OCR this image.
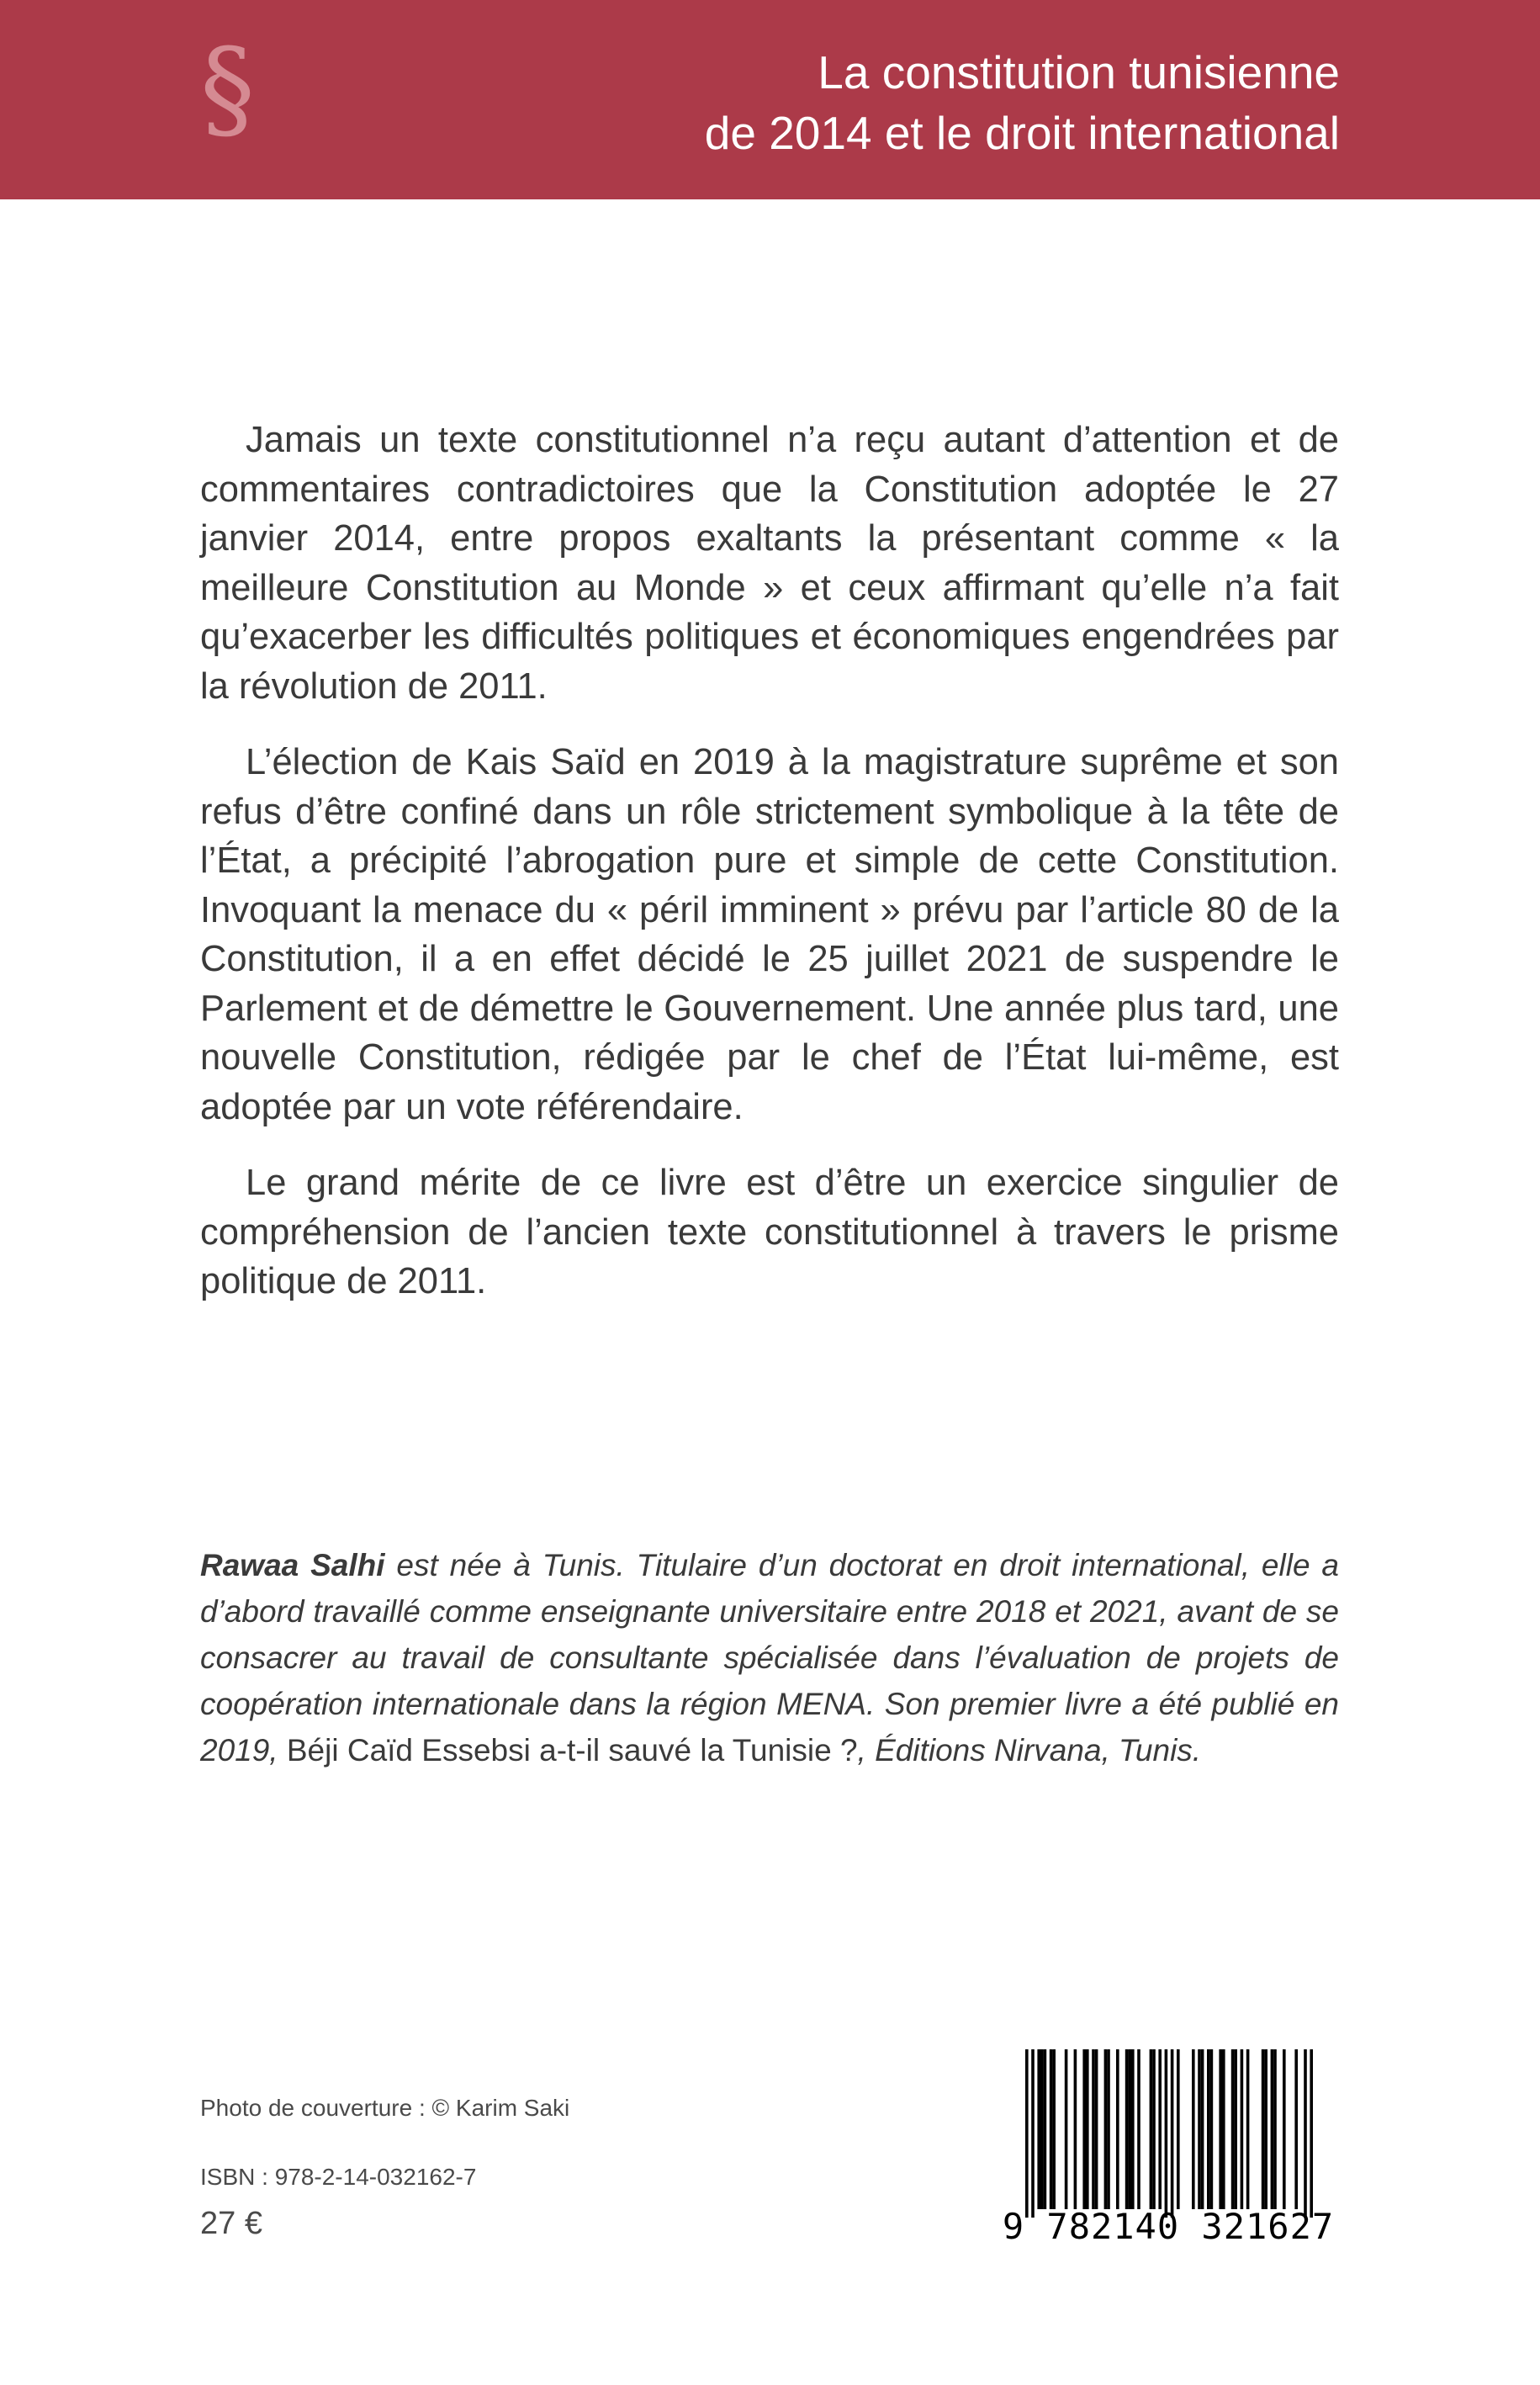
§	La constitution tunisienne
de 2014 et le droit international

Jamais un texte constitutionnel n’a reçu autant d’attention et de commentaires contradictoires que la Constitution adoptée le 27 janvier 2014, entre propos exaltants la présentant comme « la meilleure Constitution au Monde » et ceux affirmant qu’elle n’a fait qu’exacerber les difficultés politiques et économiques engendrées par la révolution de 2011.

L’élection de Kais Saïd en 2019 à la magistrature suprême et son refus d’être confiné dans un rôle strictement symbolique à la tête de l’État, a précipité l’abrogation pure et simple de cette Constitution. Invoquant la menace du « péril imminent » prévu par l’article 80 de la Constitution, il a en effet décidé le 25 juillet 2021 de suspendre le Parlement et de démettre le Gouvernement. Une année plus tard, une nouvelle Constitution, rédigée par le chef de l’État lui-même, est adoptée par un vote référendaire.

Le grand mérite de ce livre est d’être un exercice singulier de compréhension de l’ancien texte constitutionnel à travers le prisme politique de 2011.

Rawaa Salhi est née à Tunis. Titulaire d’un doctorat en droit international, elle a d’abord travaillé comme enseignante universitaire entre 2018 et 2021, avant de se consacrer au travail de consultante spécialisée dans l’évaluation de projets de coopération internationale dans la région MENA. Son premier livre a été publié en 2019, Béji Caïd Essebsi a-t-il sauvé la Tunisie ?, Éditions Nirvana, Tunis.

Photo de couverture : © Karim Saki
ISBN : 978-2-14-032162-7
27 €	9 782140 321627
